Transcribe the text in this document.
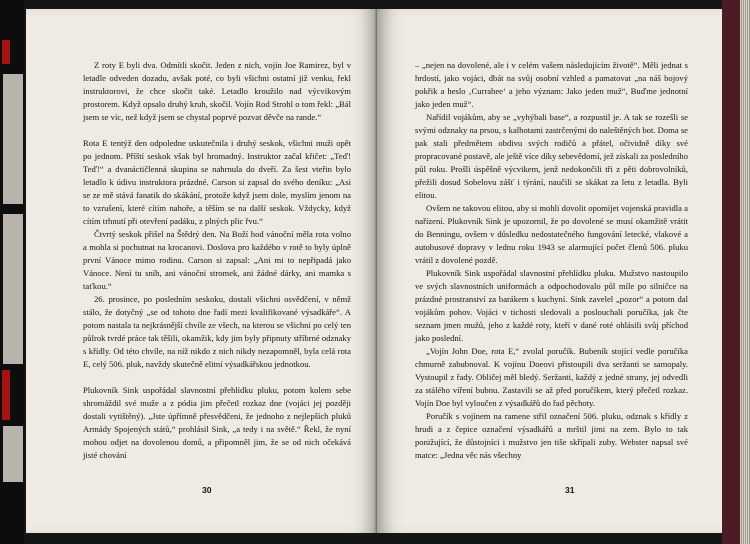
Z roty E byli dva. Odmítli skočit. Jeden z nich, vojín Joe Ramirez, byl v letadle odveden dozadu, avšak poté, co byli všichni ostatní již venku, řekl instruktorovi, že chce skočit také. Letadlo kroužilo nad výcvikovým prostorem. Když opsalo druhý kruh, skočil. Vojín Rod Strohl o tom řekl: „Bál jsem se víc, než když jsem se chystal poprvé pozvat děvče na rande.“

Rota E tentýž den odpoledne uskutečnila i druhý seskok, všichni muži opět po jednom. Příští seskok však byl hromadný. Instruktor začal křičet: „Teď! Teď!“ a dvanáctičlenná skupina se nahrnula do dveří. Za šest vteřin bylo letadlo k údivu instruktora prázdné. Carson si zapsal do svého deníku: „Asi se ze mě stává fanatik do skákání, protože když jsem dole, myslím jenom na to vzrušení, které cítím nahoře, a těším se na další seskok. Vždycky, když cítím trhnutí při otevření padáku, z plných plic řvu.“

Čtvrtý seskok přišel na Štědrý den. Na Boží hod vánoční měla rota volno a mohla si pochutnat na krocanovi. Doslova pro každého v rotě to byly úplně první Vánoce mimo rodinu. Carson si zapsal: „Ani mi to nepřipadá jako Vánoce. Není tu sníh, ani vánoční stromek, ani žádné dárky, ani mamka s taťkou.“

26. prosince, po posledním seskoku, dostali všichni osvědčení, v němž stálo, že dotyčný „se od tohoto dne řadí mezi kvalifikované výsadkáře“. A potom nastala ta nejkrásnější chvíle ze všech, na kterou se všichni po celý ten půlrok tvrdé práce tak těšili, okamžik, kdy jim byly připnuty stříbrné odznaky s křídly. Od této chvíle, na níž nikdo z nich nikdy nezapomněl, byla celá rota E, celý 506. pluk, navždy skutečně elitní výsadkářskou jednotkou.

Plukovník Sink uspořádal slavnostní přehlídku pluku, potom kolem sebe shromáždil své muže a z pódia jim přečetl rozkaz dne (vojáci jej později dostali vytištěný). „Jste úpřímně přesvědčeni, že jednoho z nejlepších pluků Armády Spojených států,“ prohlásil Sink, „a tedy i na světě.“ Řekl, že nyní mohou odjet na dovolenou domů, a připomněl jim, že se od nich očekává jisté chování

30

– „nejen na dovolené, ale i v celém vašem následujícím životě“. Měli jednat s hrdostí, jako vojáci, dbát na svůj osobní vzhled a pamatovat „na náš bojový pokřik a heslo ‚Currahee‘ a jeho význam: Jako jeden muž“, Buďme jednotní jako jeden muž“.

Nařídil vojákům, aby se „vyhýbali base“, a rozpustil je. A tak se rozešli se svými odznaky na prsou, s kalhotami zastrčenými do naleštěných bot. Doma se pak stali předmětem obdivu svých rodičů a přátel, očividně díky své propracované postavě, ale ještě více díky sebevědomí, jež získali za posledního půl roku. Prošli úspěšně výcvikem, jenž nedokončili tři z pěti dobrovolníků, přežili dosud Sobelovu zášť i týrání, naučili se skákat za letu z letadla. Byli elitou.

Ovšem ne takovou elitou, aby si mohli dovolit opomíjet vojenská pravidla a nařízení. Plukovník Sink je upozornil, že po dovolené se musí okamžitě vrátit do Benningu, ovšem v důsledku nedostatečného fungování letecké, vlakové a autobusové dopravy v lednu roku 1943 se alarmující počet členů 506. pluku vrátil z dovolené pozdě.

Plukovník Sink uspořádal slavnostní přehlídku pluku. Mužstvo nastoupilo ve svých slavnostních uniformách a odpochodovalo půl míle po silničce na prázdné prostranství za barákem s kuchyní. Sink zavelel „pozor“ a potom dal vojákům pohov. Vojáci v tichosti sledovali a poslouchali poručíka, jak čte seznam jmen mužů, jeho z každé roty, kteří v dané roté ohlásili svůj příchod jako poslední.

„Vojín John Doe, rota E,“ zvolal poručík. Bubeník stojící vedle poručíka chmurně zabubnoval. K vojínu Doeovi přistoupili dva seržanti se samopaly. Vystoupil z řady. Obličej měl bledý. Seržanti, každý z jedné strany, jej odvedli za stálého víření bubnu. Zastavili se až před poručíkem, který přečetl rozkaz. Vojín Doe byl vyloučen z výsadkářů do řad pěchoty.

Poručík s vojínem na ramene střil označení 506. pluku, odznak s křídly z hrudi a z čepice označení výsadkářů a mrštil jimi na zem. Bylo to tak ponižující, že důstojníci i mužstvo jen tiše skřípali zuby. Webster napsal své matce: „Jedna věc nás všechny

31
